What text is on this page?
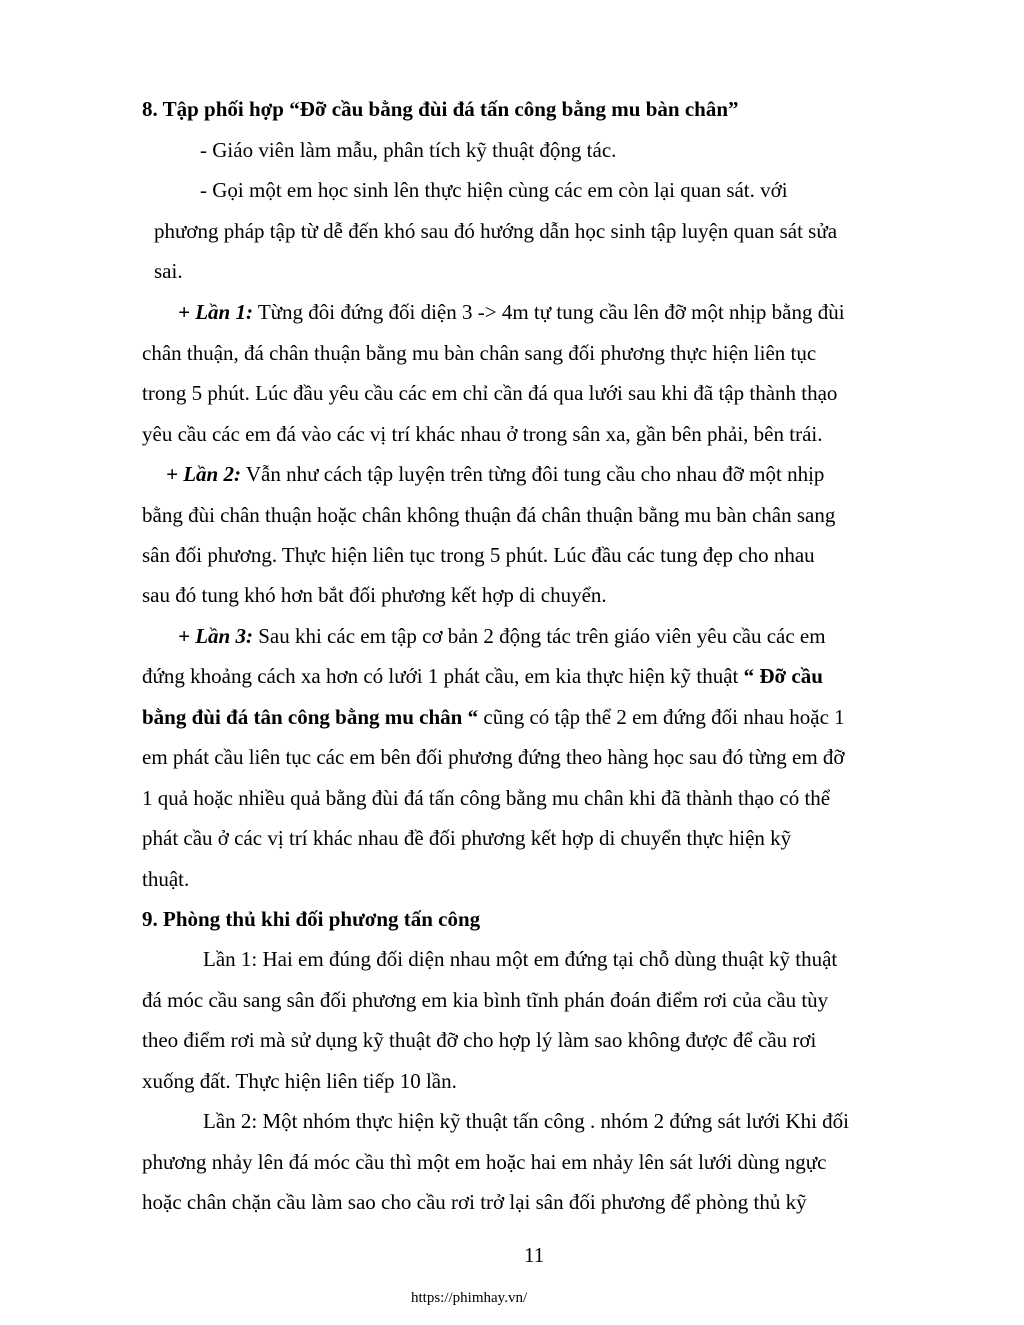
8. Tập phối hợp “Đỡ cầu bằng đùi đá tấn công bằng mu bàn chân”
- Giáo viên làm mẫu, phân tích kỹ thuật động tác.
- Gọi một em học sinh lên thực hiện cùng các em còn lại quan sát. với
phương pháp tập từ dễ đến khó sau đó hướng dẫn học sinh tập luyện quan sát sửa
sai.
+ Lần 1: Từng đôi đứng đối diện 3 -> 4m tự tung cầu lên đỡ một nhịp bằng đùi
chân thuận, đá chân thuận bằng mu bàn chân sang đối phương thực hiện liên tục
trong 5 phút. Lúc đầu yêu cầu các em chỉ cần đá qua lưới sau khi đã tập thành thạo
yêu cầu các em đá vào các vị trí khác nhau ở trong sân xa, gần bên phải, bên trái.
+ Lần 2: Vẫn như cách tập luyện trên từng đôi tung cầu cho nhau đỡ một nhịp
bằng đùi chân thuận hoặc chân không thuận đá chân thuận bằng mu bàn chân sang
sân đối phương. Thực hiện liên tục trong 5 phút. Lúc đầu các tung đẹp cho nhau
sau đó tung khó hơn bắt đối phương kết hợp di chuyển.
+ Lần 3: Sau khi các em tập cơ bản 2 động tác trên giáo viên yêu cầu các em
đứng khoảng cách xa hơn có lưới 1 phát cầu, em kia thực hiện kỹ thuật “ Đỡ cầu
bằng đùi đá tân công bằng mu chân “ cũng có tập thể 2 em đứng đối nhau hoặc 1
em phát cầu liên tục các em bên đối phương đứng theo hàng học sau đó từng em đỡ
1 quả hoặc nhiều quả bằng đùi đá tấn công bằng mu chân khi đã thành thạo có thể
phát cầu ở các vị trí khác nhau đề đối phương kết hợp di chuyển thực hiện kỹ
thuật.
9. Phòng thủ khi đối phương tấn công
Lần 1: Hai em đúng đối diện nhau một em đứng tại chỗ dùng thuật kỹ thuật
đá móc cầu sang sân đối phương em kia bình tĩnh phán đoán điểm rơi của cầu tùy
theo điểm rơi mà sử dụng kỹ thuật đỡ cho hợp lý làm sao không được để cầu rơi
xuống đất. Thực hiện liên tiếp 10 lần.
Lần 2: Một nhóm thực hiện kỹ thuật tấn công . nhóm 2 đứng sát lưới Khi đối
phương nhảy lên đá móc cầu thì một em hoặc hai em nhảy lên sát lưới dùng ngực
hoặc chân chặn cầu làm sao cho cầu rơi trở lại sân đối phương để phòng thủ kỹ
11
https://phimhay.vn/
